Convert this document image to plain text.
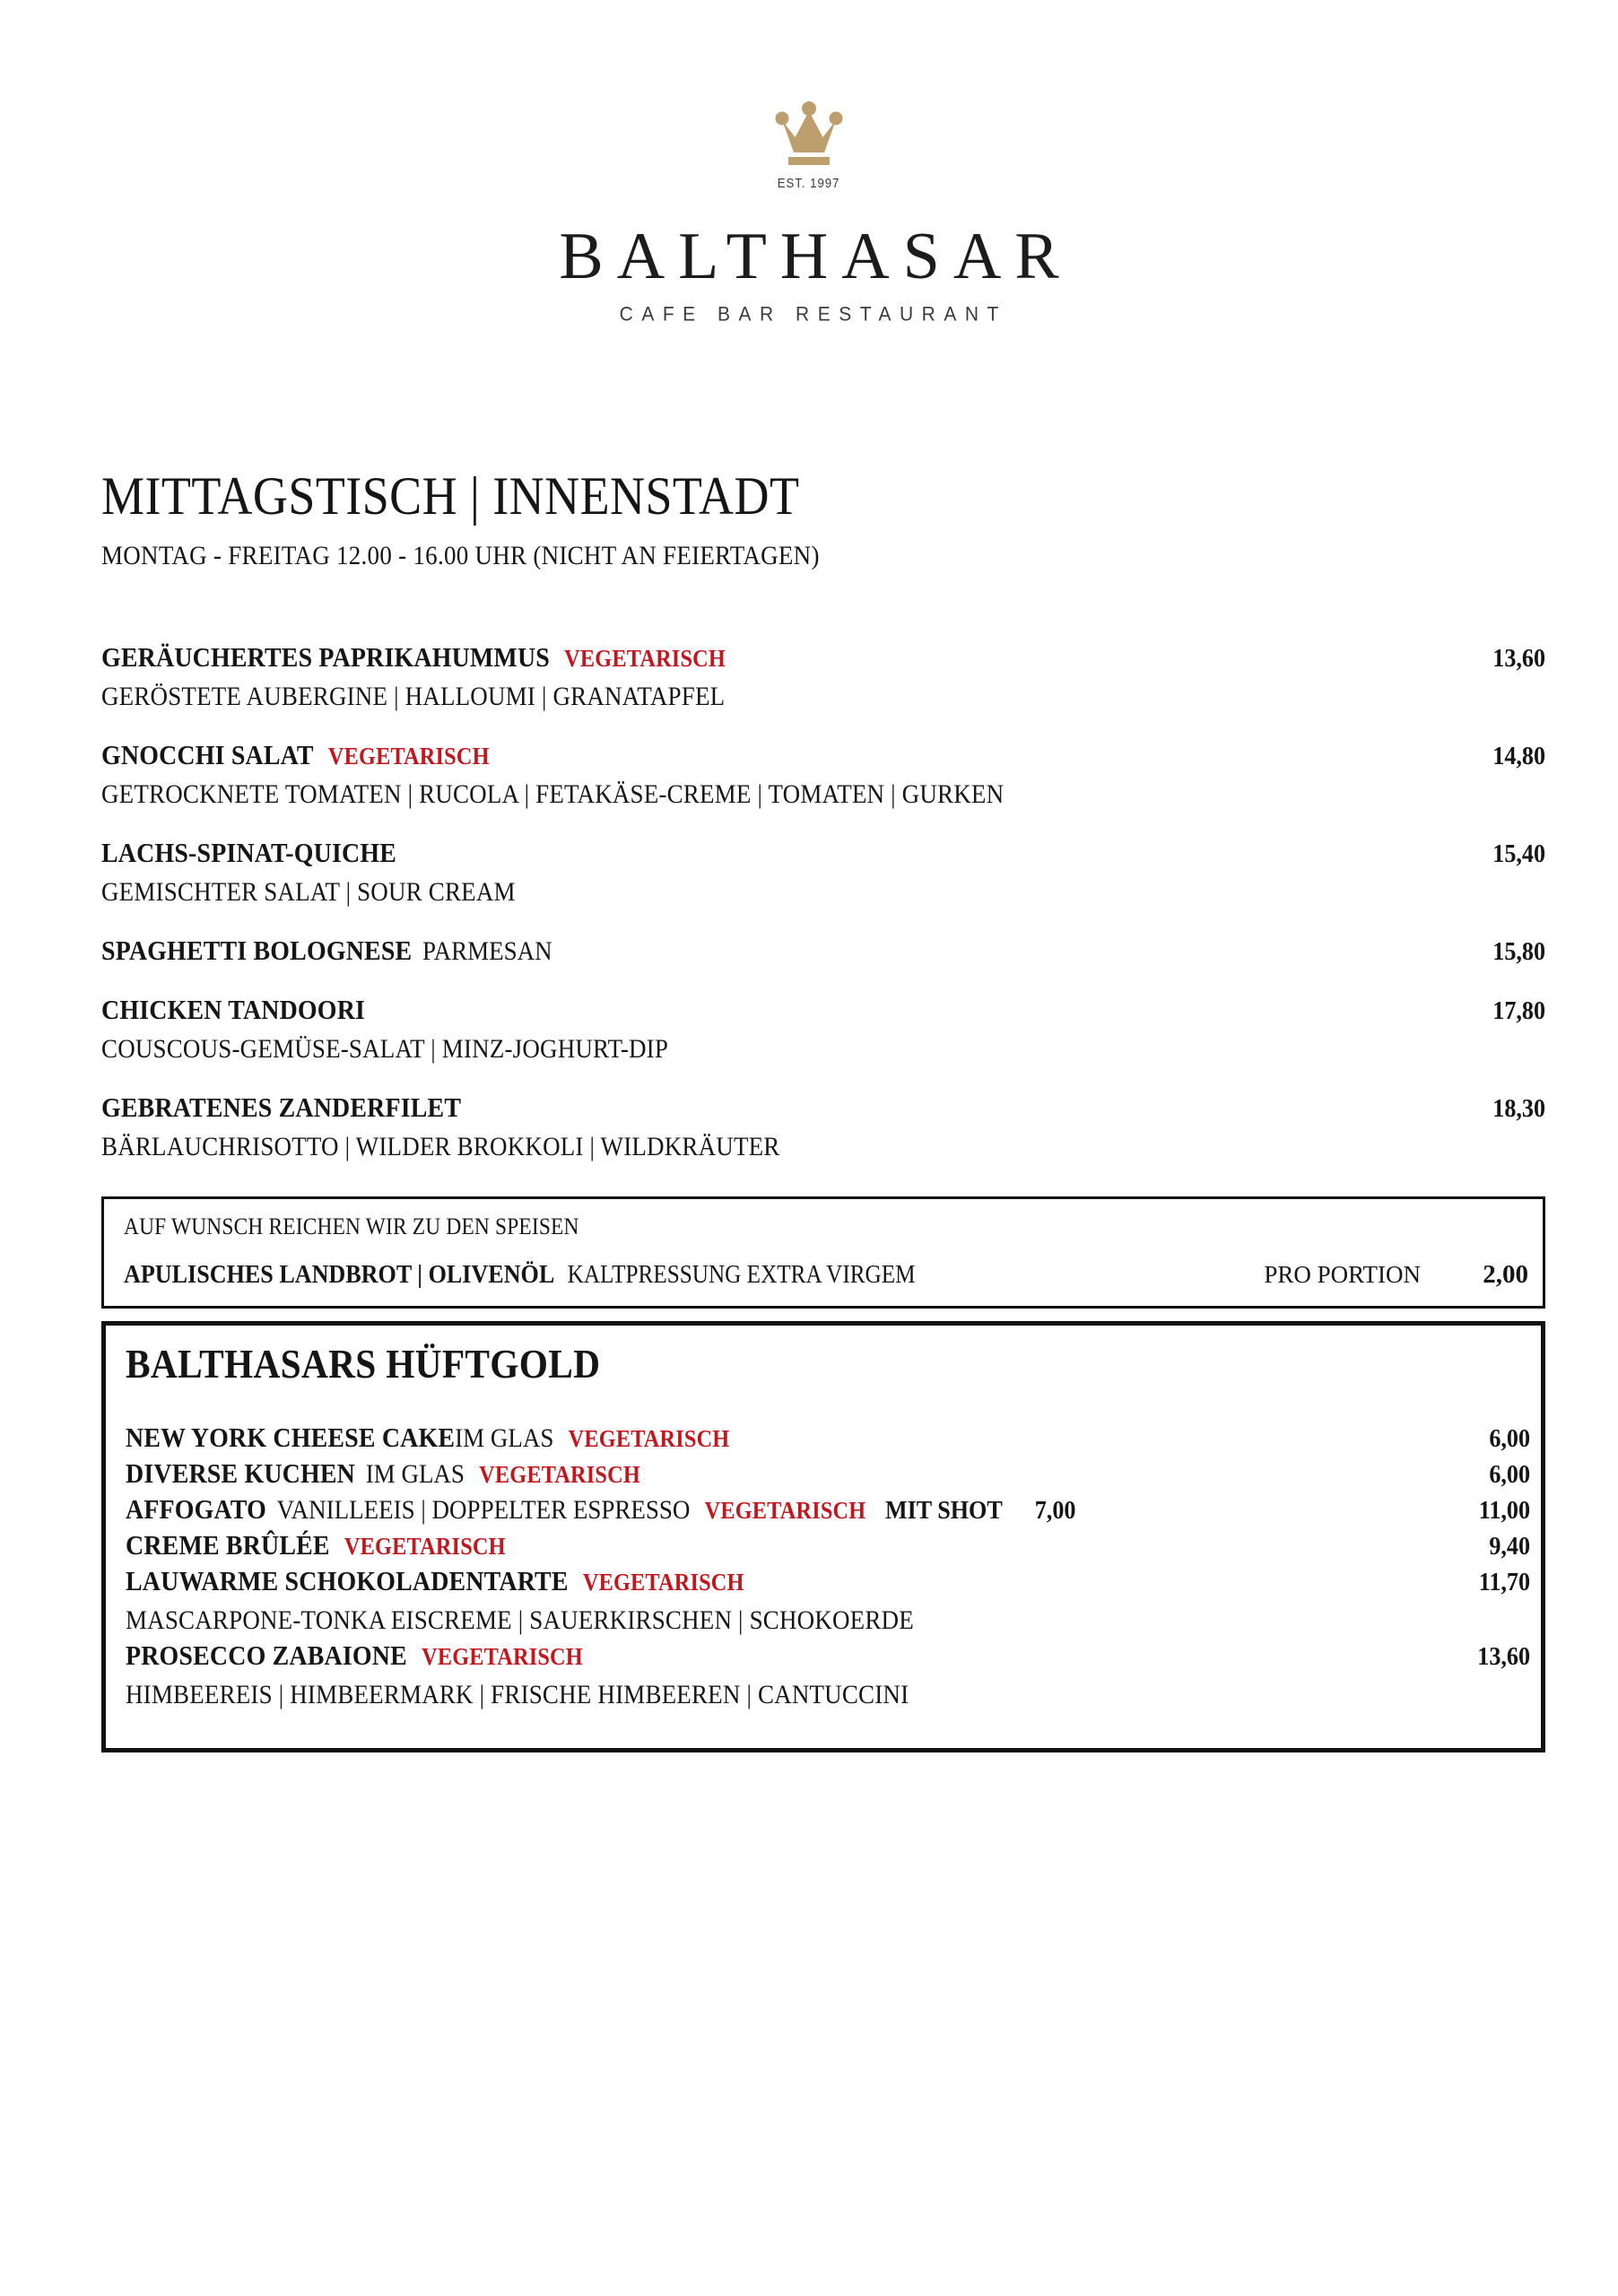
EST. 1997
BALTHASAR
CAFE BAR RESTAURANT
MITTAGSTISCH | INNENSTADT
MONTAG - FREITAG 12.00 - 16.00 UHR (NICHT AN FEIERTAGEN)
GERÄUCHERTES PAPRIKAHUMMUS VEGETARISCH	13,60
GERÖSTETE AUBERGINE | HALLOUMI | GRANATAPFEL
GNOCCHI SALAT VEGETARISCH	14,80
GETROCKNETE TOMATEN | RUCOLA | FETAKÄSE-CREME | TOMATEN | GURKEN
LACHS-SPINAT-QUICHE	15,40
GEMISCHTER SALAT | SOUR CREAM
SPAGHETTI BOLOGNESE PARMESAN	15,80
CHICKEN TANDOORI	17,80
COUSCOUS-GEMÜSE-SALAT | MINZ-JOGHURT-DIP
GEBRATENES ZANDERFILET	18,30
BÄRLAUCHRISOTTO | WILDER BROKKOLI | WILDKRÄUTER
AUF WUNSCH REICHEN WIR ZU DEN SPEISEN
APULISCHES LANDBROT | OLIVENÖL KALTPRESSUNG EXTRA VIRGEM	PRO PORTION	2,00
BALTHASARS HÜFTGOLD
NEW YORK CHEESE CAKEIM GLAS VEGETARISCH	6,00
DIVERSE KUCHEN IM GLAS VEGETARISCH	6,00
AFFOGATO VANILLEEIS | DOPPELTER ESPRESSO VEGETARISCH MIT SHOT 7,00	11,00
CREME BRÛLÉE VEGETARISCH	9,40
LAUWARME SCHOKOLADENTARTE VEGETARISCH	11,70
MASCARPONE-TONKA EISCREME | SAUERKIRSCHEN | SCHOKOERDE
PROSECCO ZABAIONE VEGETARISCH	13,60
HIMBEEREIS | HIMBEERMARK | FRISCHE HIMBEEREN | CANTUCCINI
